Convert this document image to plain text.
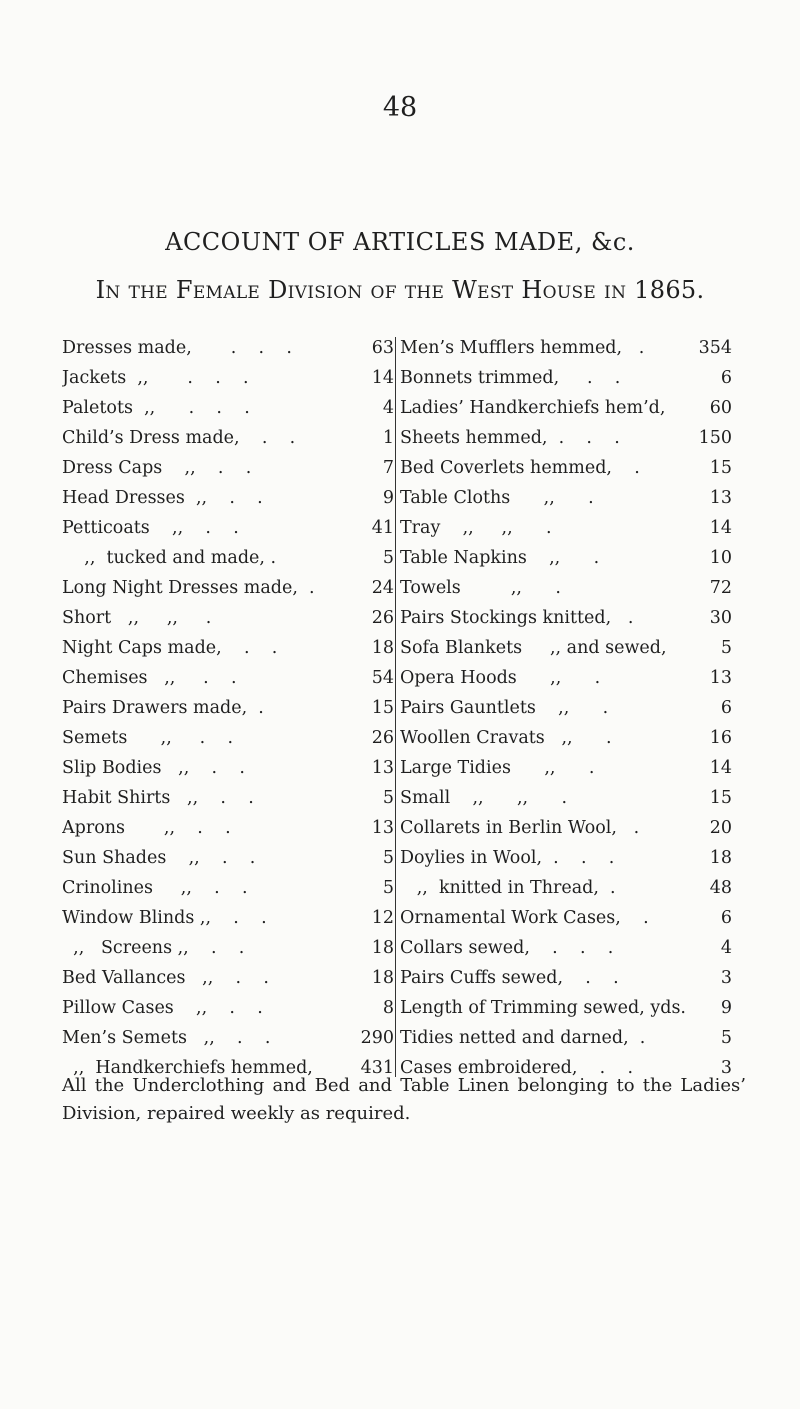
48
ACCOUNT OF ARTICLES MADE, &c.
In the Female Division of the West House in 1865.
Dresses made,       .    .    .	63
Jackets  ,,       .    .    .	14
Paletots  ,,      .    .    .	4
Child’s Dress made,    .    .	1
Dress Caps    ,,    .    .	7
Head Dresses  ,,    .    .	9
Petticoats    ,,    .    .	41
,,  tucked and made, .	5
Long Night Dresses made,  .	24
Short   ,,     ,,     .	26
Night Caps made,    .    .	18
Chemises   ,,     .    .	54
Pairs Drawers made,  .	15
Semets      ,,     .    .	26
Slip Bodies   ,,    .    .	13
Habit Shirts   ,,    .    .	5
Aprons       ,,    .    .	13
Sun Shades    ,,    .    .	5
Crinolines     ,,    .    .	5
Window Blinds ,,    .    .	12
,,   Screens ,,    .    .	18
Bed Vallances   ,,    .    .	18
Pillow Cases    ,,    .    .	8
Men’s Semets   ,,    .    .	290
,,  Handkerchiefs hemmed,	431
Men’s Mufflers hemmed,   .	354
Bonnets trimmed,     .    .	6
Ladies’ Handkerchiefs hem’d,	60
Sheets hemmed,  .    .    .	150
Bed Coverlets hemmed,    .	15
Table Cloths      ,,      .	13
Tray    ,,     ,,      .	14
Table Napkins    ,,      .	10
Towels         ,,      .	72
Pairs Stockings knitted,   .	30
Sofa Blankets     ,, and sewed,	5
Opera Hoods      ,,      .	13
Pairs Gauntlets    ,,      .	6
Woollen Cravats   ,,      .	16
Large Tidies      ,,      .	14
Small    ,,      ,,      .	15
Collarets in Berlin Wool,   .	20
Doylies in Wool,  .    .    .	18
,,  knitted in Thread,  .	48
Ornamental Work Cases,    .	6
Collars sewed,    .    .    .	4
Pairs Cuffs sewed,    .    .	3
Length of Trimming sewed, yds.	9
Tidies netted and darned,  .	5
Cases embroidered,    .    .	3
All the Underclothing and Bed and Table Linen belonging to the Ladies’ Division, repaired weekly as required.
